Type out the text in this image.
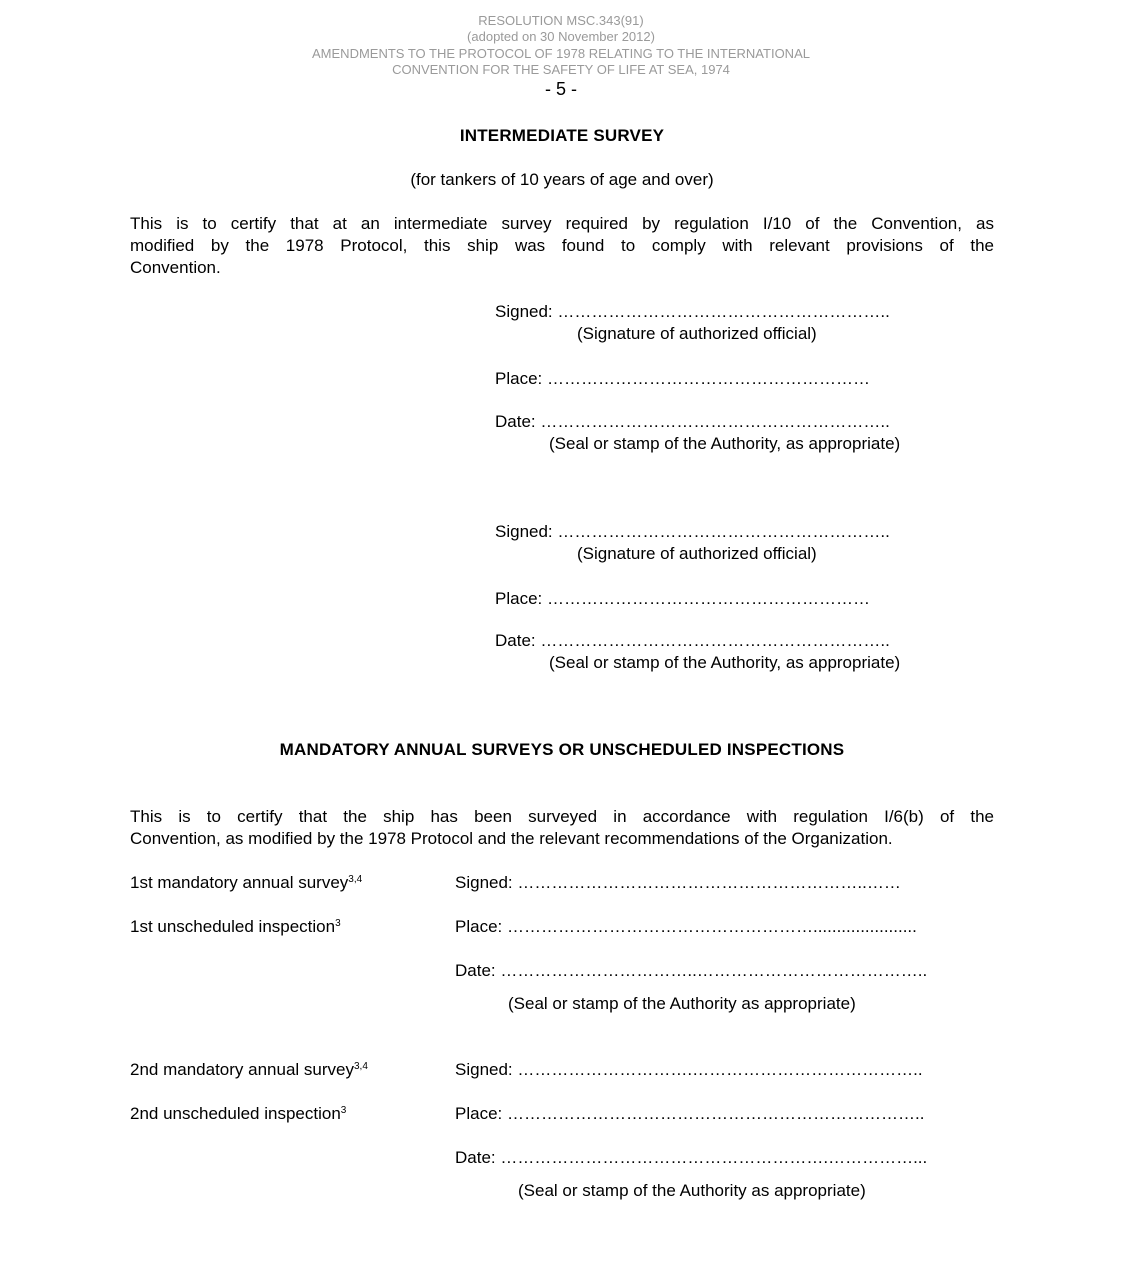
RESOLUTION MSC.343(91)
(adopted on 30 November 2012)
AMENDMENTS TO THE PROTOCOL OF 1978 RELATING TO THE INTERNATIONAL
CONVENTION FOR THE SAFETY OF LIFE AT SEA, 1974
- 5 -
INTERMEDIATE SURVEY
(for tankers of 10 years of age and over)
This is to certify that at an intermediate survey required by regulation I/10 of the Convention, as
modified by the 1978 Protocol, this ship was found to comply with relevant provisions of the
Convention.
Signed: …………………………………………………..
(Signature of authorized official)
Place: …………………………………………………
Date: ……………………………………………………..
(Seal or stamp of the Authority, as appropriate)
Signed: …………………………………………………..
(Signature of authorized official)
Place: …………………………………………………
Date: ……………………………………………………..
(Seal or stamp of the Authority, as appropriate)
MANDATORY ANNUAL SURVEYS OR UNSCHEDULED INSPECTIONS
This is to certify that the ship has been surveyed in accordance with regulation I/6(b) of the
Convention, as modified by the 1978 Protocol and the relevant recommendations of the Organization.
1st mandatory annual survey$^{3,4}$
1st unscheduled inspection$^3$
Signed: ……………………………………………………..……
Place: ………………………………………………......................
Date: ……………………………..…………………………………..
(Seal or stamp of the Authority as appropriate)
2nd mandatory annual survey$^{3,4}$
2nd unscheduled inspection$^3$
Signed: ………………………….…………………………………..
Place: ………………………………………………………………..
Date: ………………………………………………….……………...
(Seal or stamp of the Authority as appropriate)
